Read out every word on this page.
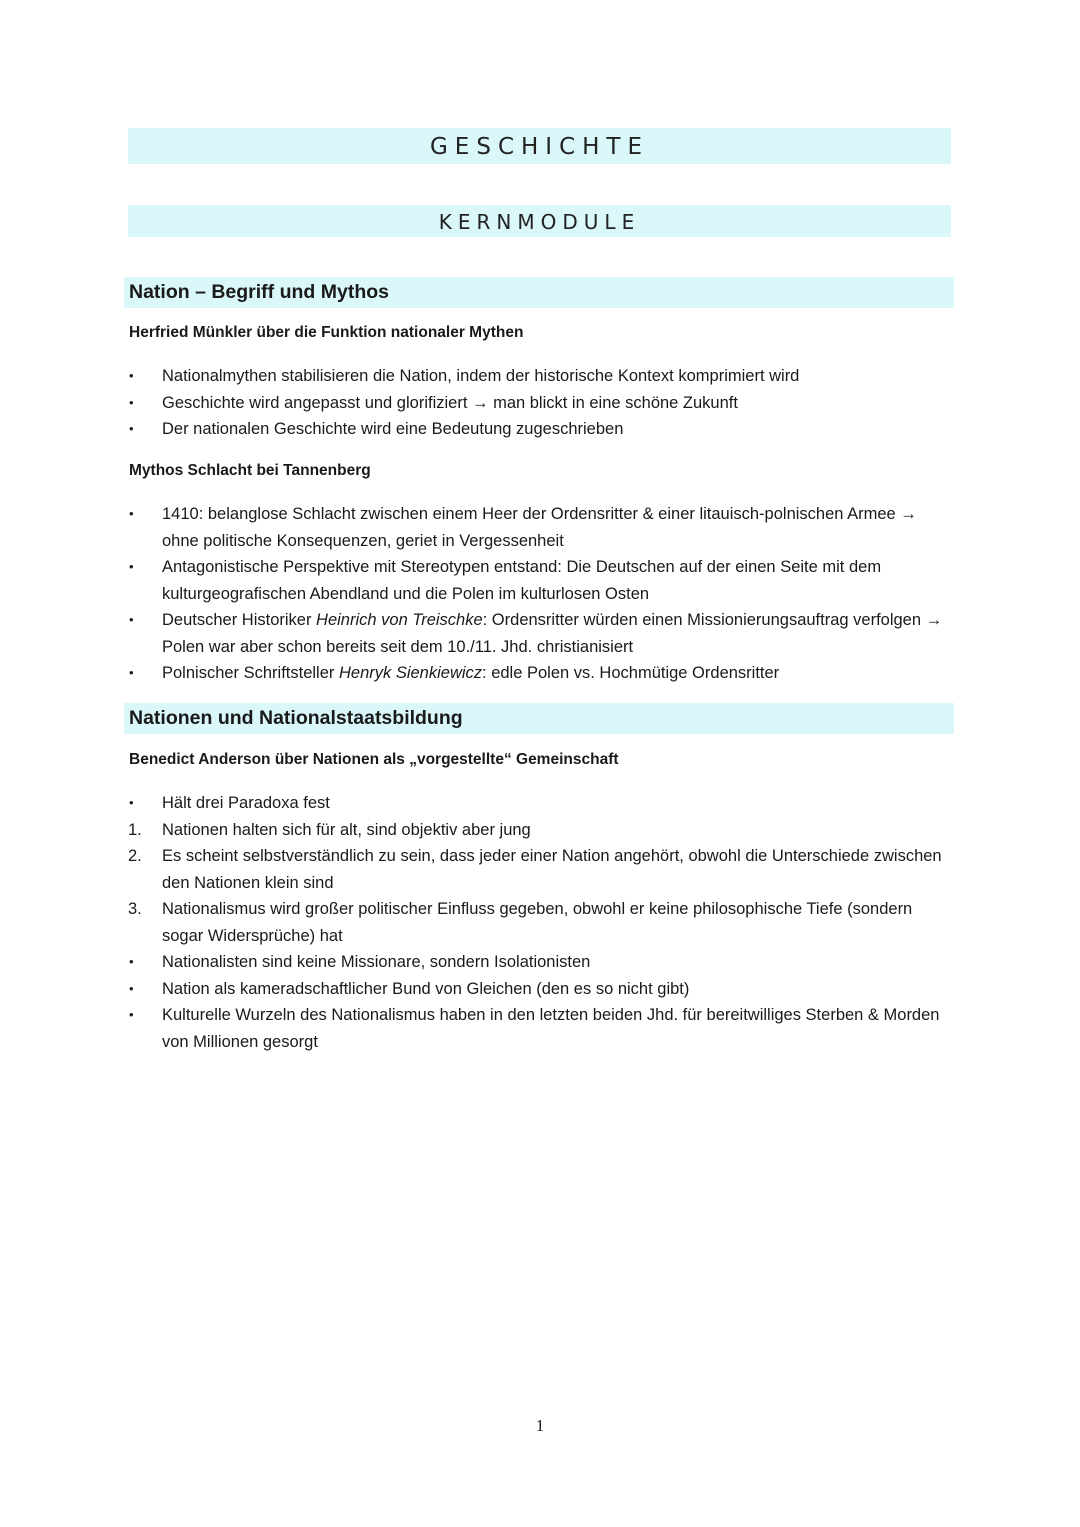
GESCHICHTE
KERNMODULE
Nation – Begriff und Mythos
Herfried Münkler über die Funktion nationaler Mythen
•	Nationalmythen stabilisieren die Nation, indem der historische Kontext komprimiert wird
•	Geschichte wird angepasst und glorifiziert → man blickt in eine schöne Zukunft
•	Der nationalen Geschichte wird eine Bedeutung zugeschrieben
Mythos Schlacht bei Tannenberg
•	1410: belanglose Schlacht zwischen einem Heer der Ordensritter & einer litauisch-polnischen Armee → ohne politische Konsequenzen, geriet in Vergessenheit
•	Antagonistische Perspektive mit Stereotypen entstand: Die Deutschen auf der einen Seite mit dem kulturgeografischen Abendland und die Polen im kulturlosen Osten
•	Deutscher Historiker Heinrich von Treischke: Ordensritter würden einen Missionierungsauftrag verfolgen → Polen war aber schon bereits seit dem 10./11. Jhd. christianisiert
•	Polnischer Schriftsteller Henryk Sienkiewicz: edle Polen vs. Hochmütige Ordensritter
Nationen und Nationalstaatsbildung
Benedict Anderson über Nationen als „vorgestellte“ Gemeinschaft
•	Hält drei Paradoxa fest
1.	Nationen halten sich für alt, sind objektiv aber jung
2.	Es scheint selbstverständlich zu sein, dass jeder einer Nation angehört, obwohl die Unterschiede zwischen den Nationen klein sind
3.	Nationalismus wird großer politischer Einfluss gegeben, obwohl er keine philosophische Tiefe (sondern sogar Widersprüche) hat
•	Nationalisten sind keine Missionare, sondern Isolationisten
•	Nation als kameradschaftlicher Bund von Gleichen (den es so nicht gibt)
•	Kulturelle Wurzeln des Nationalismus haben in den letzten beiden Jhd. für bereitwilliges Sterben & Morden von Millionen gesorgt
1
